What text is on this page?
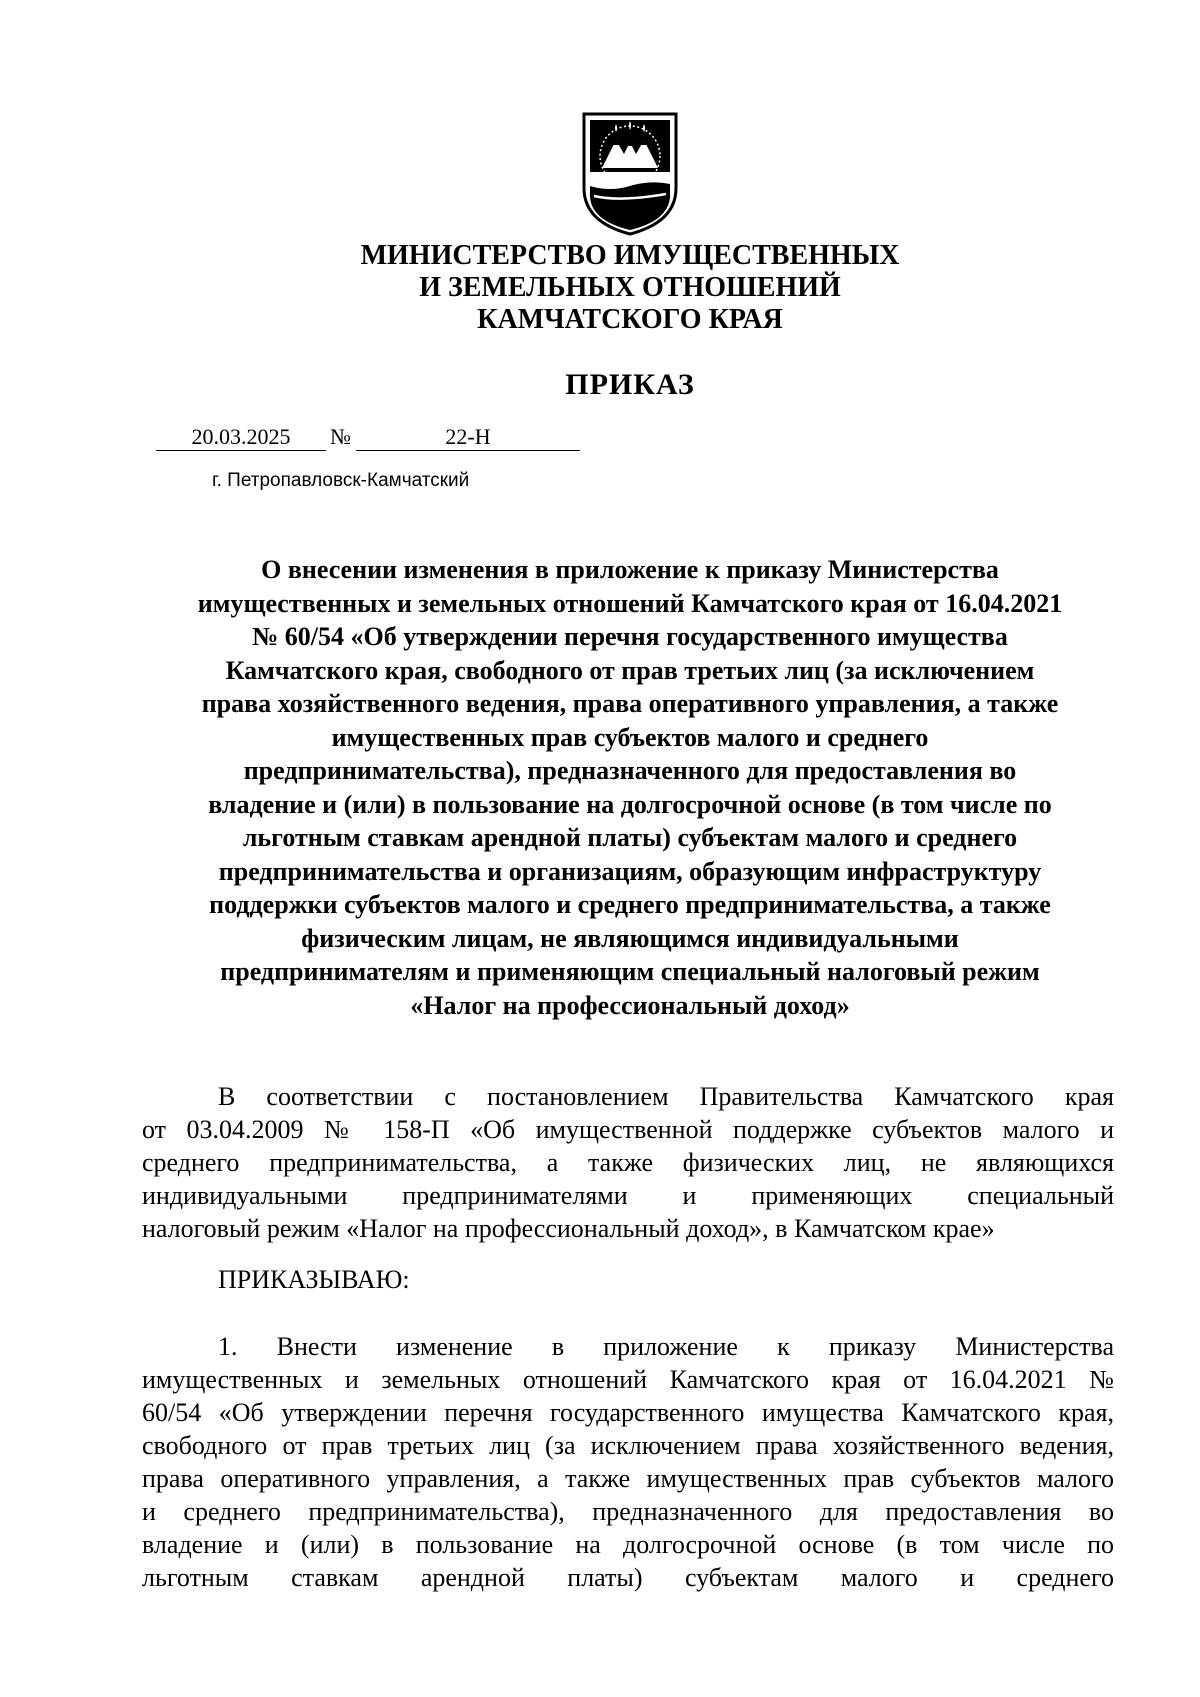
МИНИСТЕРСТВО ИМУЩЕСТВЕННЫХ
И ЗЕМЕЛЬНЫХ ОТНОШЕНИЙ
КАМЧАТСКОГО КРАЯ
ПРИКАЗ
20.03.2025	№	22-Н
г. Петропавловск-Камчатский
О внесении изменения в приложение к приказу Министерства
имущественных и земельных отношений Камчатского края от 16.04.2021
№ 60/54 «Об утверждении перечня государственного имущества
Камчатского края, свободного от прав третьих лиц (за исключением
права хозяйственного ведения, права оперативного управления, а также
имущественных прав субъектов малого и среднего
предпринимательства), предназначенного для предоставления во
владение и (или) в пользование на долгосрочной основе (в том числе по
льготным ставкам арендной платы) субъектам малого и среднего
предпринимательства и организациям, образующим инфраструктуру
поддержки субъектов малого и среднего предпринимательства, а также
физическим лицам, не являющимся индивидуальными
предпринимателям и применяющим специальный налоговый режим
«Налог на профессиональный доход»
В соответствии с постановлением Правительства Камчатского края
от 03.04.2009 № 158-П «Об имущественной поддержке субъектов малого и
среднего предпринимательства, а также физических лиц, не являющихся
индивидуальными предпринимателями и применяющих специальный
налоговый режим «Налог на профессиональный доход», в Камчатском крае»
ПРИКАЗЫВАЮ:
1. Внести изменение в приложение к приказу Министерства
имущественных и земельных отношений Камчатского края от 16.04.2021 №
60/54 «Об утверждении перечня государственного имущества Камчатского края,
свободного от прав третьих лиц (за исключением права хозяйственного ведения,
права оперативного управления, а также имущественных прав субъектов малого
и среднего предпринимательства), предназначенного для предоставления во
владение и (или) в пользование на долгосрочной основе (в том числе по
льготным ставкам арендной платы) субъектам малого и среднего
